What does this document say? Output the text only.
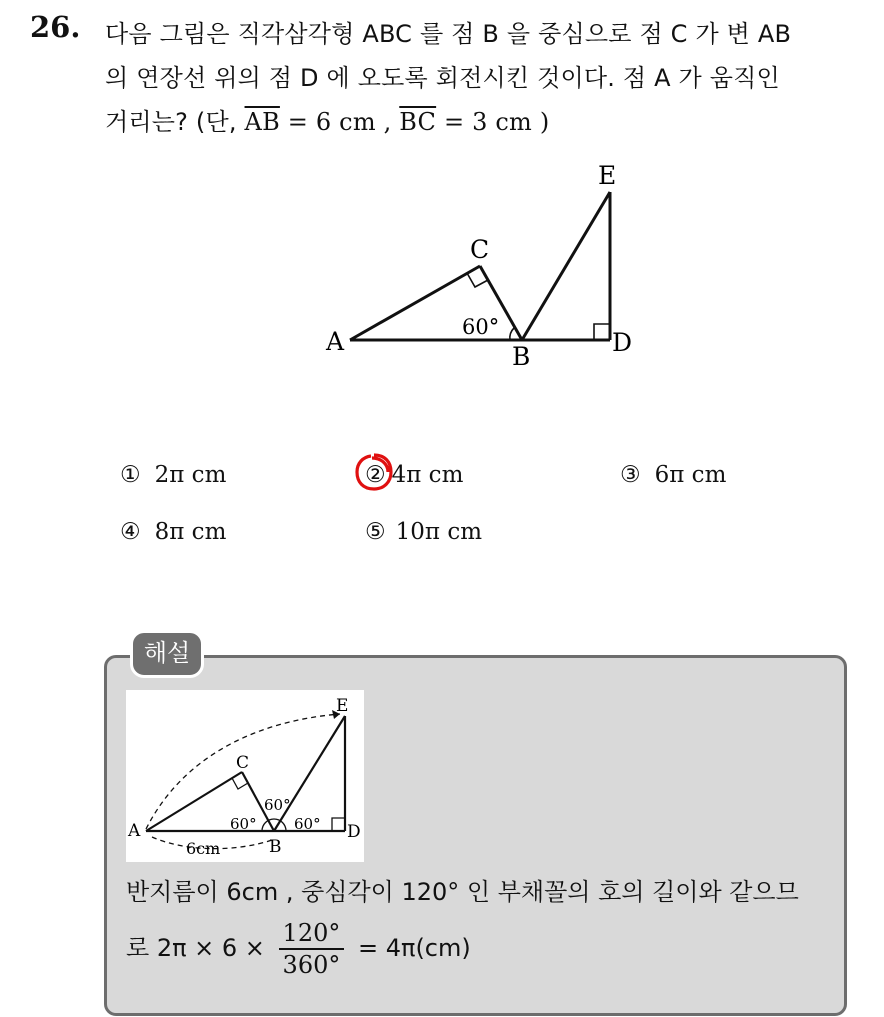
26. 다음 그림은 직각삼각형 ABC 를 점 B 을 중심으로 점 C 가 변 AB
의 연장선 위의 점 D 에 오도록 회전시킨 것이다. 점 A 가 움직인
거리는? (단, $\overline{AB} = 6$ cm , $\overline{BC} = 3$ cm )
A
B
C
D
E
60°
① 2π cm	② 4π cm	③ 6π cm
④ 8π cm	⑤ 10π cm
해설
A
B
C
D
E
60°
60°
60°
6cm
반지름이 6cm , 중심각이 120° 인 부채꼴의 호의 길이와 같으므
로 $2\pi \times 6 \times \frac{120^\circ}{360^\circ} = 4\pi(cm)$
